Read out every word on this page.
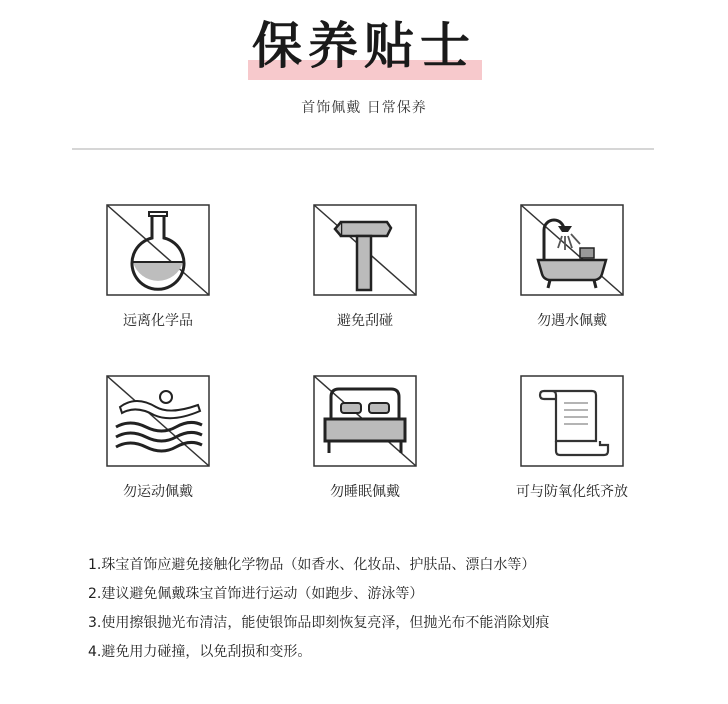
保养贴士
首饰佩戴 日常保养
远离化学品	避免刮碰	勿遇水佩戴
勿运动佩戴	勿睡眠佩戴	可与防氧化纸齐放
1.珠宝首饰应避免接触化学物品（如香水、化妆品、护肤品、漂白水等）
2.建议避免佩戴珠宝首饰进行运动（如跑步、游泳等）
3.使用擦银抛光布清洁，能使银饰品即刻恢复亮泽，但抛光布不能消除划痕
4.避免用力碰撞，以免刮损和变形。
